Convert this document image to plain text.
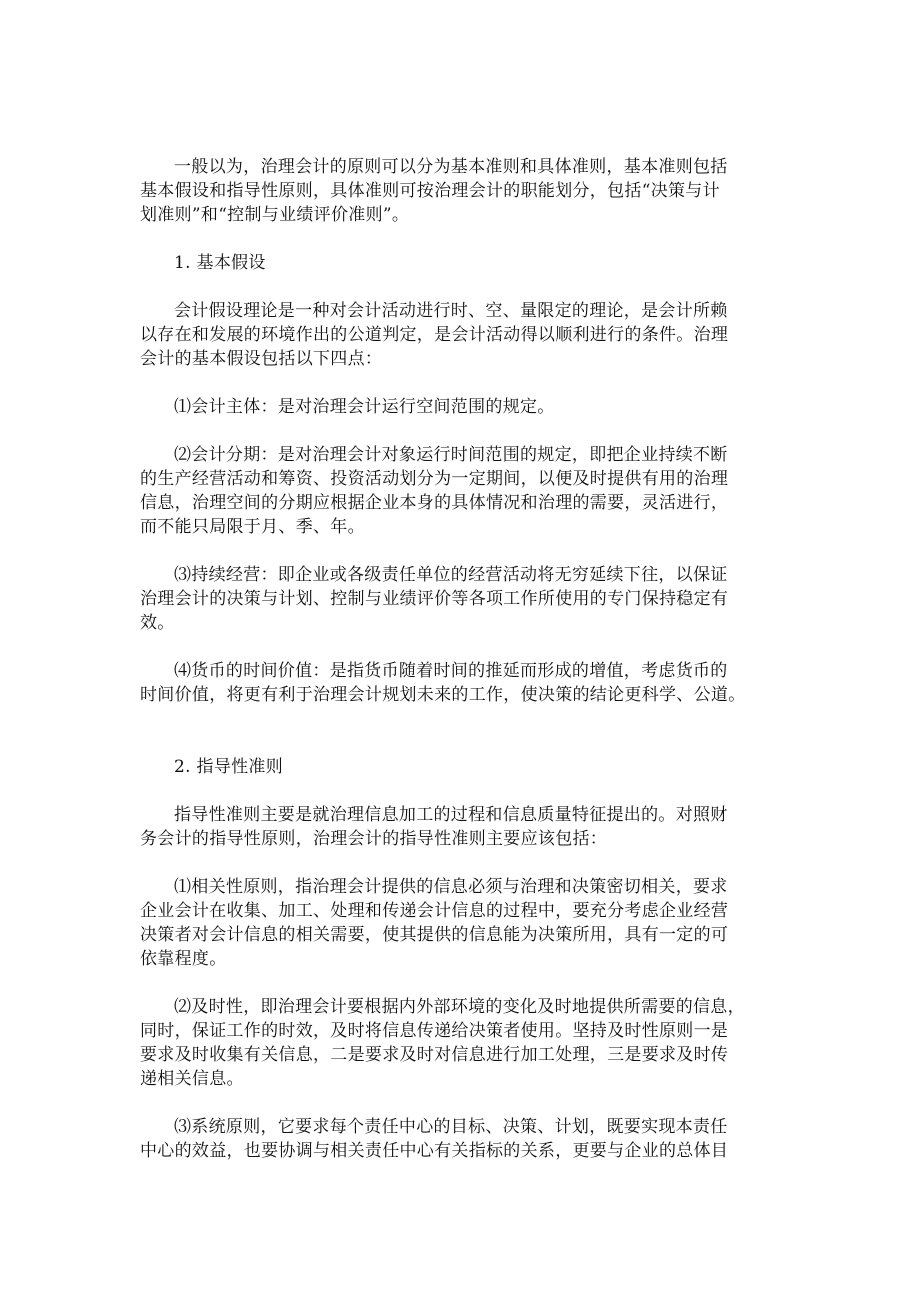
一般以为，治理会计的原则可以分为基本准则和具体准则，基本准则包括
基本假设和指导性原则，具体准则可按治理会计的职能划分，包括“决策与计
划准则”和“控制与业绩评价准则”。

1. 基本假设

会计假设理论是一种对会计活动进行时、空、量限定的理论，是会计所赖
以存在和发展的环境作出的公道判定，是会计活动得以顺利进行的条件。治理
会计的基本假设包括以下四点：

⑴会计主体：是对治理会计运行空间范围的规定。

⑵会计分期：是对治理会计对象运行时间范围的规定，即把企业持续不断
的生产经营活动和筹资、投资活动划分为一定期间，以便及时提供有用的治理
信息，治理空间的分期应根据企业本身的具体情况和治理的需要，灵活进行，
而不能只局限于月、季、年。

⑶持续经营：即企业或各级责任单位的经营活动将无穷延续下往，以保证
治理会计的决策与计划、控制与业绩评价等各项工作所使用的专门保持稳定有
效。

⑷货币的时间价值：是指货币随着时间的推延而形成的增值，考虑货币的
时间价值，将更有利于治理会计规划未来的工作，使决策的结论更科学、公道。

2. 指导性准则

指导性准则主要是就治理信息加工的过程和信息质量特征提出的。对照财
务会计的指导性原则，治理会计的指导性准则主要应该包括：

⑴相关性原则，指治理会计提供的信息必须与治理和决策密切相关，要求
企业会计在收集、加工、处理和传递会计信息的过程中，要充分考虑企业经营
决策者对会计信息的相关需要，使其提供的信息能为决策所用，具有一定的可
依靠程度。

⑵及时性，即治理会计要根据内外部环境的变化及时地提供所需要的信息，
同时，保证工作的时效，及时将信息传递给决策者使用。坚持及时性原则一是
要求及时收集有关信息，二是要求及时对信息进行加工处理，三是要求及时传
递相关信息。

⑶系统原则，它要求每个责任中心的目标、决策、计划，既要实现本责任
中心的效益，也要协调与相关责任中心有关指标的关系，更要与企业的总体目
